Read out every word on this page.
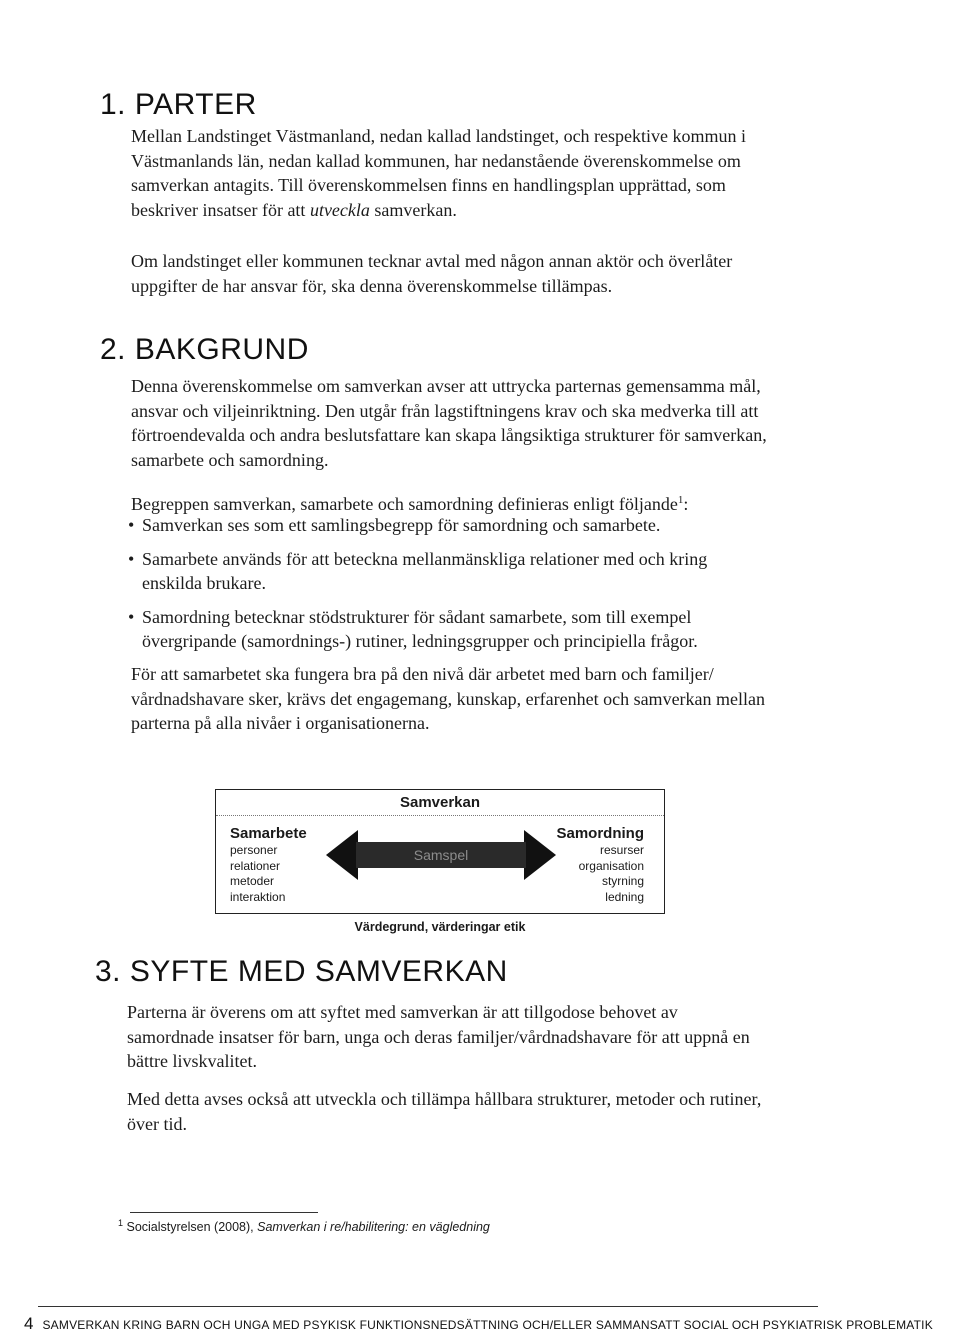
1. PARTER
Mellan Landstinget Västmanland, nedan kallad landstinget, och respektive kommun i
Västmanlands län, nedan kallad kommunen, har nedanstående överenskommelse om
samverkan antagits. Till överenskommelsen finns en handlingsplan upprättad, som
beskriver insatser för att utveckla samverkan.
Om landstinget eller kommunen tecknar avtal med någon annan aktör och överlåter
uppgifter de har ansvar för, ska denna överenskommelse tillämpas.
2. BAKGRUND
Denna överenskommelse om samverkan avser att uttrycka parternas gemensamma mål,
ansvar och viljeinriktning. Den utgår från lagstiftningens krav och ska medverka till att
förtroendevalda och andra beslutsfattare kan skapa långsiktiga strukturer för samverkan,
samarbete och samordning.
Begreppen samverkan, samarbete och samordning definieras enligt följande$^1$:
• Samverkan ses som ett samlingsbegrepp för samordning och samarbete.
• Samarbete används för att beteckna mellanmänskliga relationer med och kring
enskilda brukare.
• Samordning betecknar stödstrukturer för sådant samarbete, som till exempel
övergripande (samordnings-) rutiner, ledningsgrupper och principiella frågor.
För att samarbetet ska fungera bra på den nivå där arbetet med barn och familjer/
vårdnadshavare sker, krävs det engagemang, kunskap, erfarenhet och samverkan mellan
parterna på alla nivåer i organisationerna.
Samverkan
Samarbete
personer
relationer
metoder
interaktion
Samspel
Samordning
resurser
organisation
styrning
ledning
Värdegrund, värderingar etik
3. SYFTE MED SAMVERKAN
Parterna är överens om att syftet med samverkan är att tillgodose behovet av
samordnade insatser för barn, unga och deras familjer/vårdnadshavare för att uppnå en
bättre livskvalitet.
Med detta avses också att utveckla och tillämpa hållbara strukturer, metoder och rutiner,
över tid.
$^1$ Socialstyrelsen (2008), Samverkan i re/habilitering: en vägledning
4 SAMVERKAN KRING BARN OCH UNGA MED PSYKISK FUNKTIONSNEDSÄTTNING OCH/ELLER SAMMANSATT SOCIAL OCH PSYKIATRISK PROBLEMATIK
